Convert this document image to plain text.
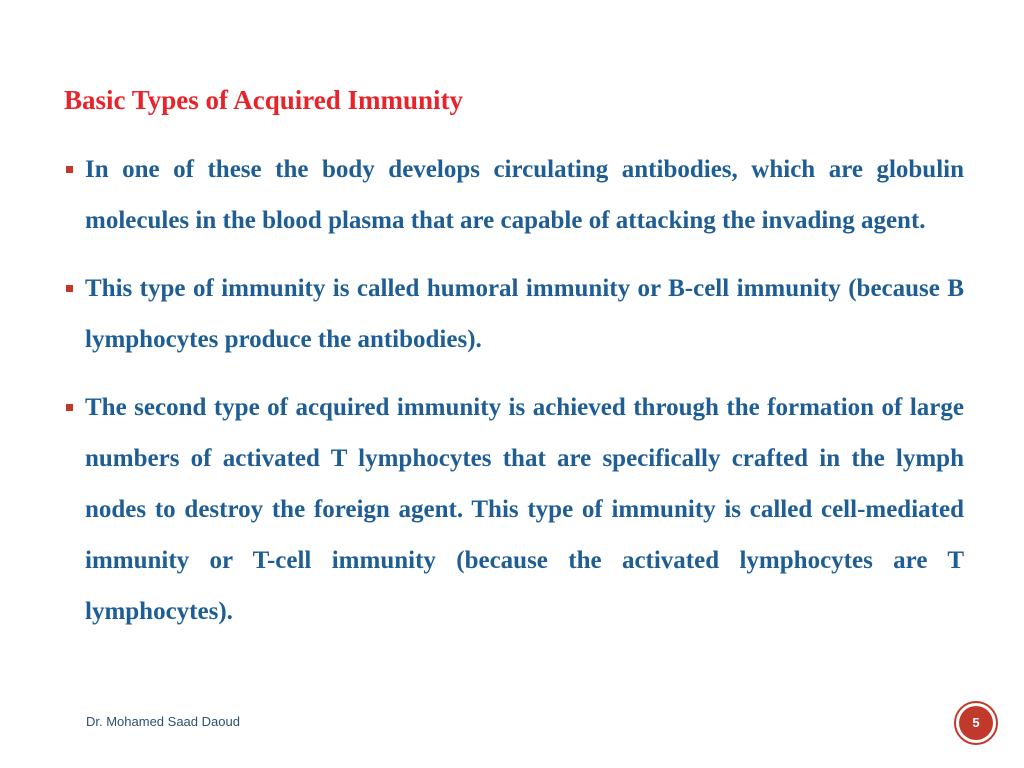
Basic Types of Acquired Immunity
In one of these the body develops circulating antibodies, which are globulin molecules in the blood plasma that are capable of attacking the invading agent.
This type of immunity is called humoral immunity or B-cell immunity (because B lymphocytes produce the antibodies).
The second type of acquired immunity is achieved through the formation of large numbers of activated T lymphocytes that are specifically crafted in the lymph nodes to destroy the foreign agent. This type of immunity is called cell-mediated immunity or T-cell immunity (because the activated lymphocytes are T lymphocytes).
Dr. Mohamed Saad Daoud	5
